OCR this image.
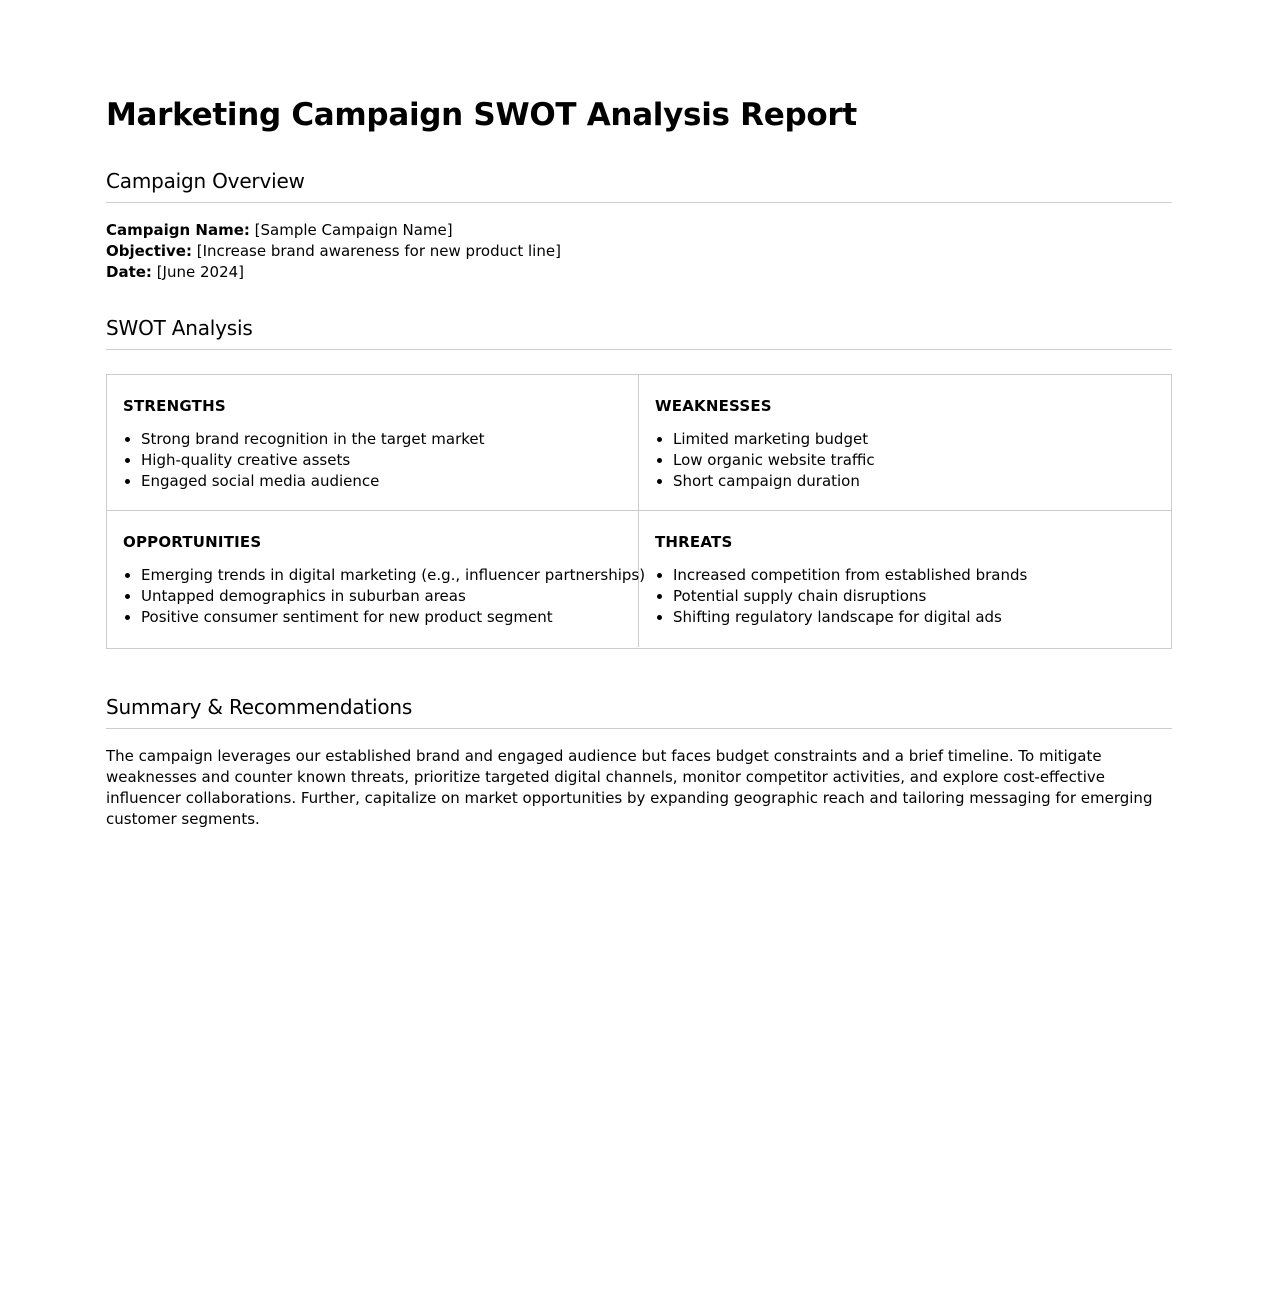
Marketing Campaign SWOT Analysis Report
Campaign Overview
Campaign Name: [Sample Campaign Name]
Objective: [Increase brand awareness for new product line]
Date: [June 2024]
SWOT Analysis
STRENGTHS
• Strong brand recognition in the target market
• High-quality creative assets
• Engaged social media audience
WEAKNESSES
• Limited marketing budget
• Low organic website traffic
• Short campaign duration
OPPORTUNITIES
• Emerging trends in digital marketing (e.g., influencer partnerships)
• Untapped demographics in suburban areas
• Positive consumer sentiment for new product segment
THREATS
• Increased competition from established brands
• Potential supply chain disruptions
• Shifting regulatory landscape for digital ads
Summary & Recommendations

The campaign leverages our established brand and engaged audience but faces budget constraints and a brief timeline. To mitigate weaknesses and counter known threats, prioritize targeted digital channels, monitor competitor activities, and explore cost-effective influencer collaborations. Further, capitalize on market opportunities by expanding geographic reach and tailoring messaging for emerging customer segments.
